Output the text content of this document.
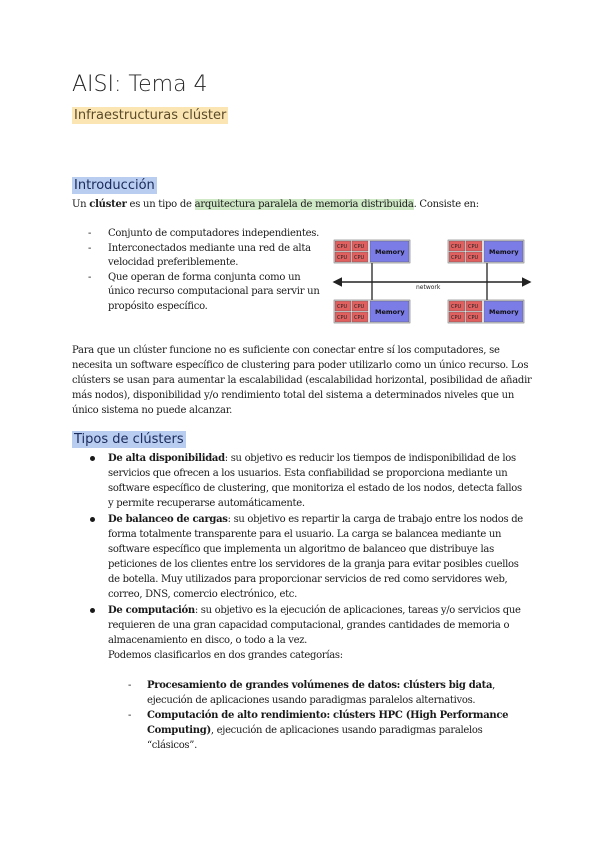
AISI: Tema 4
Infraestructuras clúster
Introducción

Un clúster es un tipo de arquitectura paralela de memoria distribuida. Consiste en:

- Conjunto de computadores independientes.
- Interconectados mediante una red de alta velocidad preferiblemente.
- Que operan de forma conjunta como un único recurso computacional para servir un propósito específico.
network
CPU CPU
CPU CPU
Memory
CPU CPU
CPU CPU
Memory
CPU CPU
CPU CPU
Memory
CPU CPU
CPU CPU
Memory

Para que un clúster funcione no es suficiente con conectar entre sí los computadores, se necesita un software específico de clustering para poder utilizarlo como un único recurso. Los clústers se usan para aumentar la escalabilidad (escalabilidad horizontal, posibilidad de añadir más nodos), disponibilidad y/o rendimiento total del sistema a determinados niveles que un único sistema no puede alcanzar.

Tipos de clústers
De alta disponibilidad: su objetivo es reducir los tiempos de indisponibilidad de los servicios que ofrecen a los usuarios. Esta confiabilidad se proporciona mediante un software específico de clustering, que monitoriza el estado de los nodos, detecta fallos y permite recuperarse automáticamente.
De balanceo de cargas: su objetivo es repartir la carga de trabajo entre los nodos de forma totalmente transparente para el usuario. La carga se balancea mediante un software específico que implementa un algoritmo de balanceo que distribuye las peticiones de los clientes entre los servidores de la granja para evitar posibles cuellos de botella. Muy utilizados para proporcionar servicios de red como servidores web, correo, DNS, comercio electrónico, etc.
De computación: su objetivo es la ejecución de aplicaciones, tareas y/o servicios que requieren de una gran capacidad computacional, grandes cantidades de memoria o almacenamiento en disco, o todo a la vez.
Podemos clasificarlos en dos grandes categorías:
- Procesamiento de grandes volúmenes de datos: clústers big data, ejecución de aplicaciones usando paradigmas paralelos alternativos.
- Computación de alto rendimiento: clústers HPC (High Performance Computing), ejecución de aplicaciones usando paradigmas paralelos “clásicos”.
